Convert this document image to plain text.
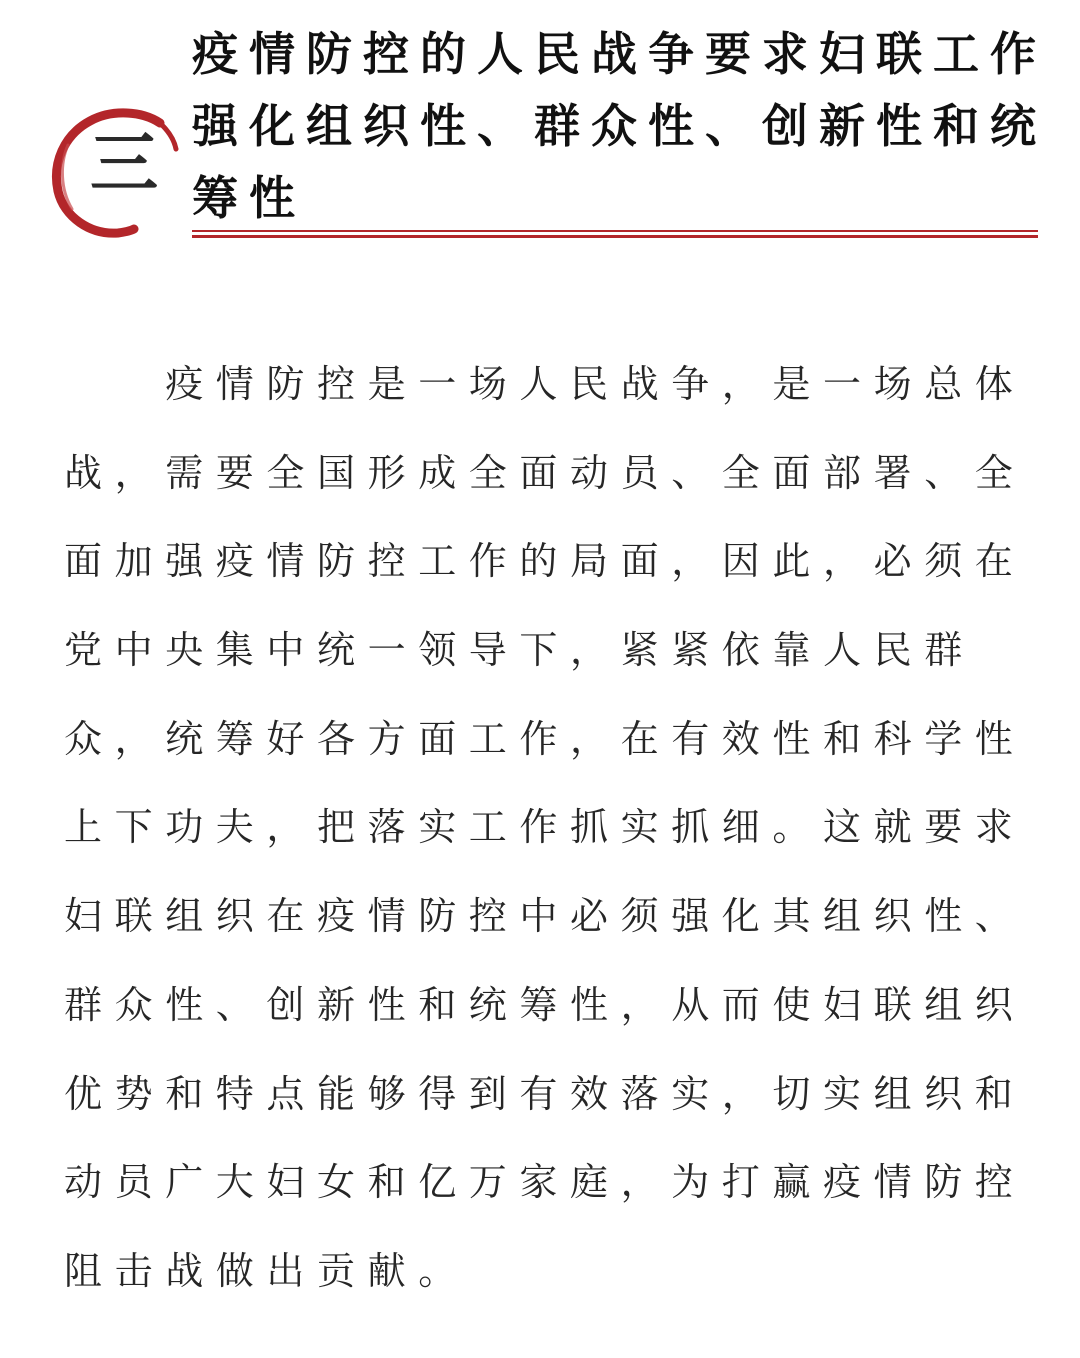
三
疫情防控的人民战争要求妇联工作
强化组织性、群众性、创新性和统
筹性
　　疫情防控是一场人民战争，是一场总体
战，需要全国形成全面动员、全面部署、全
面加强疫情防控工作的局面，因此，必须在
党中央集中统一领导下，紧紧依靠人民群
众，统筹好各方面工作，在有效性和科学性
上下功夫，把落实工作抓实抓细。这就要求
妇联组织在疫情防控中必须强化其组织性、
群众性、创新性和统筹性，从而使妇联组织
优势和特点能够得到有效落实，切实组织和
动员广大妇女和亿万家庭，为打赢疫情防控
阻击战做出贡献。
